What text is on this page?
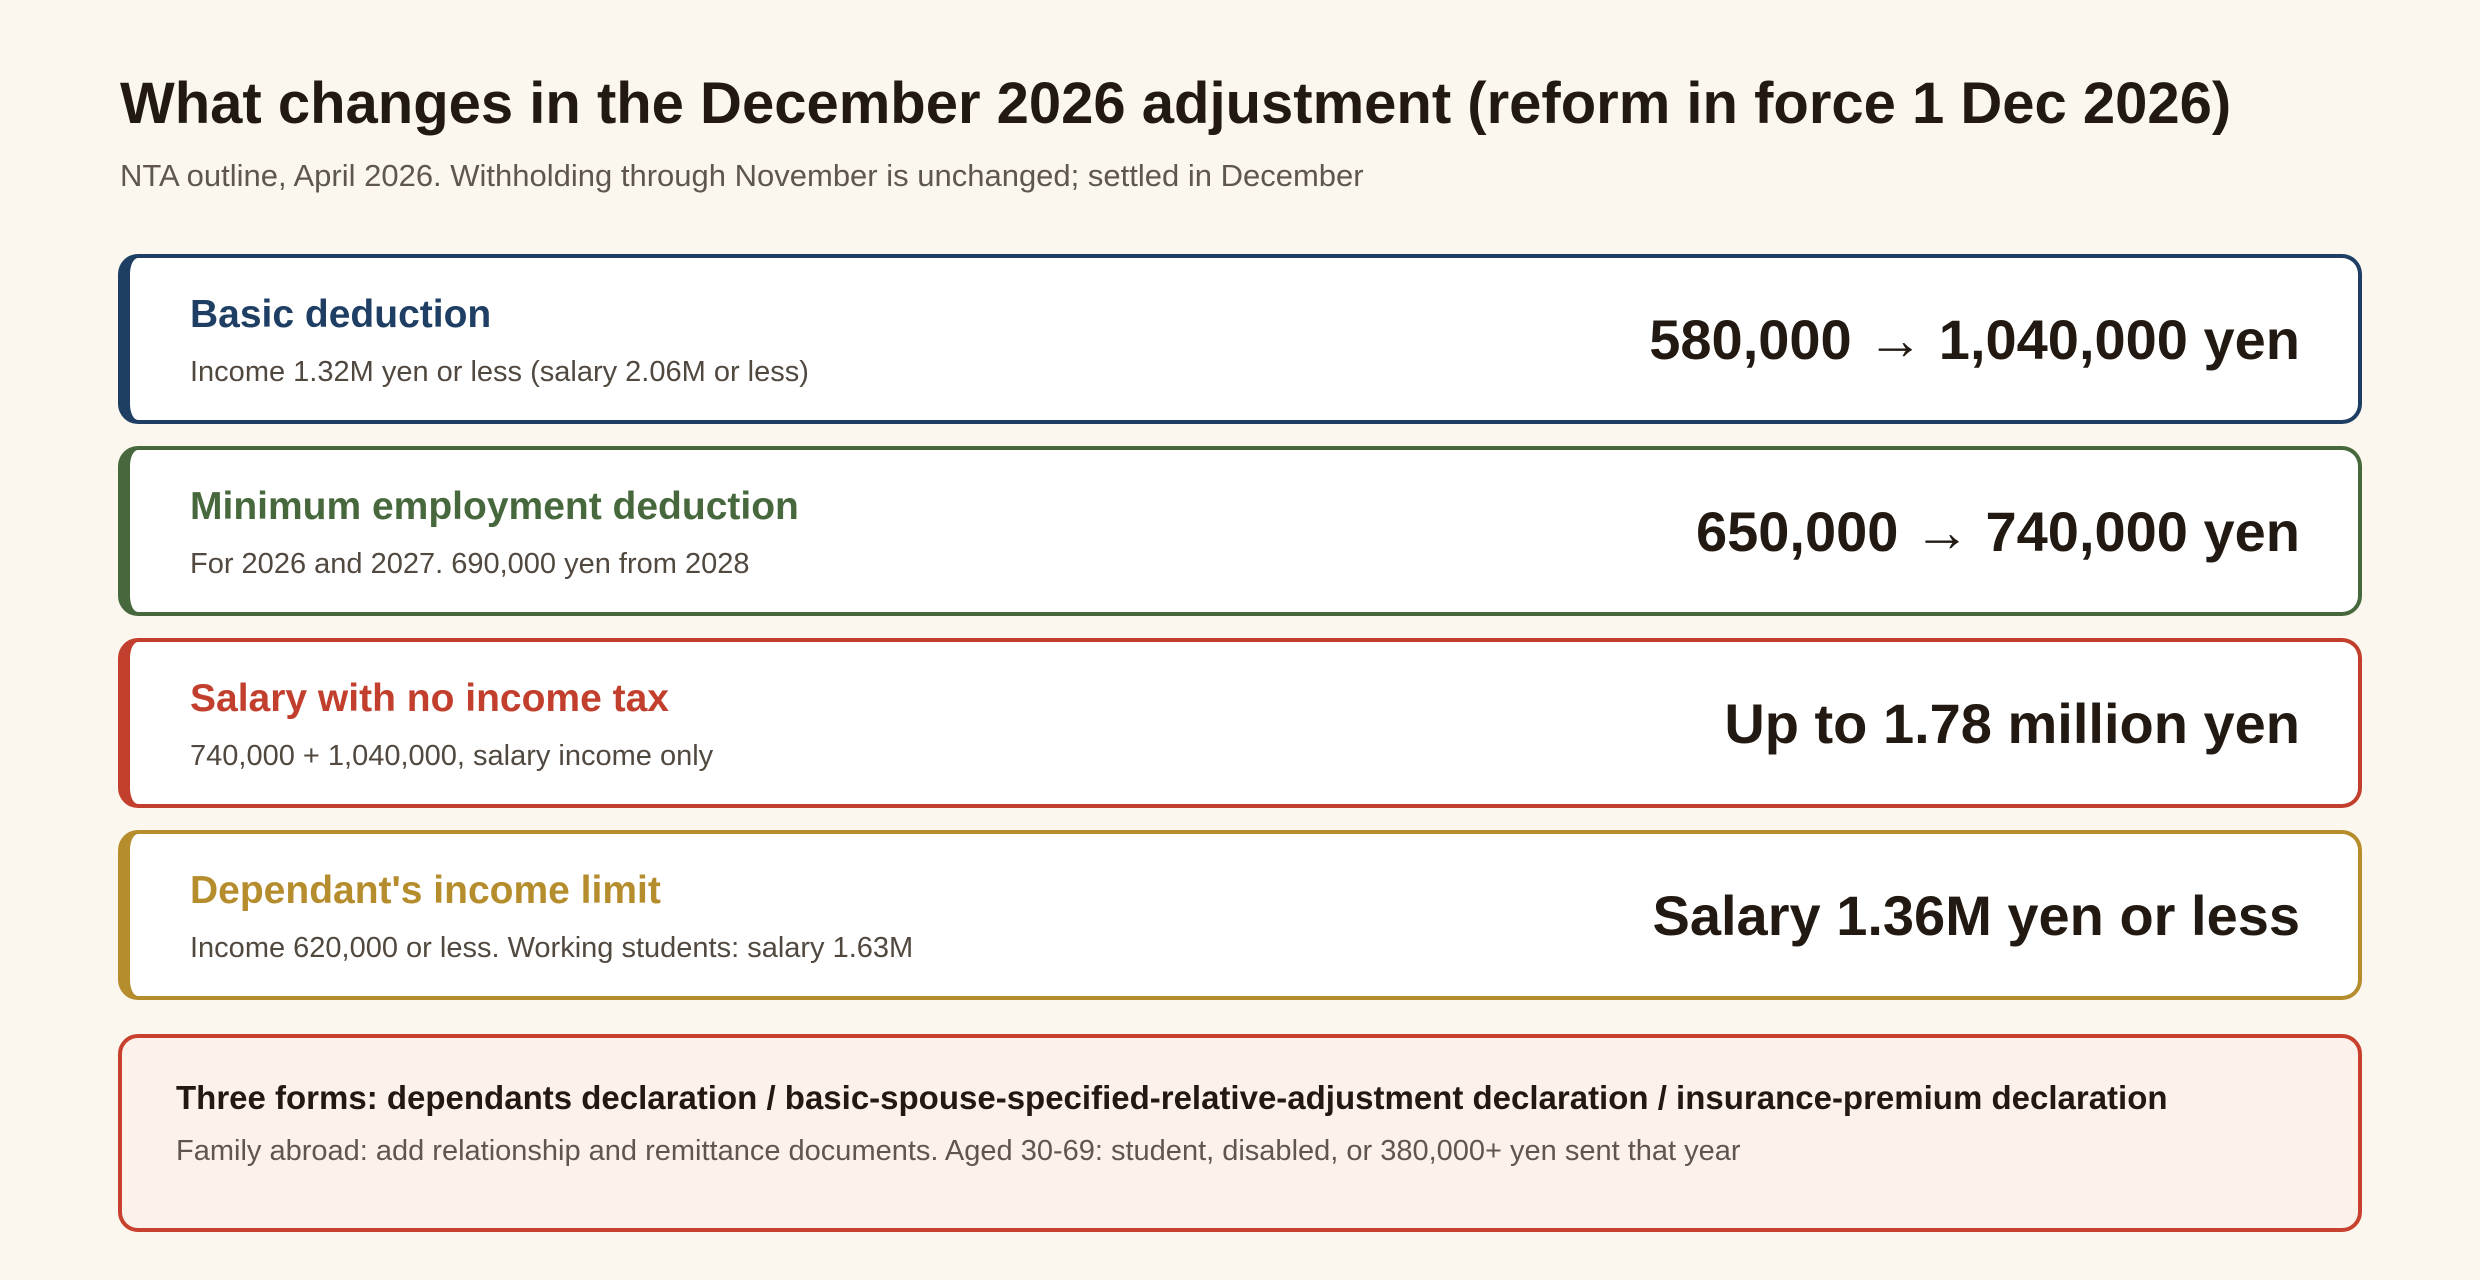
What changes in the December 2026 adjustment (reform in force 1 Dec 2026)

NTA outline, April 2026. Withholding through November is unchanged; settled in December

Basic deduction
Income 1.32M yen or less (salary 2.06M or less)
580,000 → 1,040,000 yen
Minimum employment deduction
For 2026 and 2027. 690,000 yen from 2028
650,000 → 740,000 yen
Salary with no income tax
740,000 + 1,040,000, salary income only
Up to 1.78 million yen
Dependant's income limit
Income 620,000 or less. Working students: salary 1.63M
Salary 1.36M yen or less
Three forms: dependants declaration / basic-spouse-specified-relative-adjustment declaration / insurance-premium declaration
Family abroad: add relationship and remittance documents. Aged 30-69: student, disabled, or 380,000+ yen sent that year
